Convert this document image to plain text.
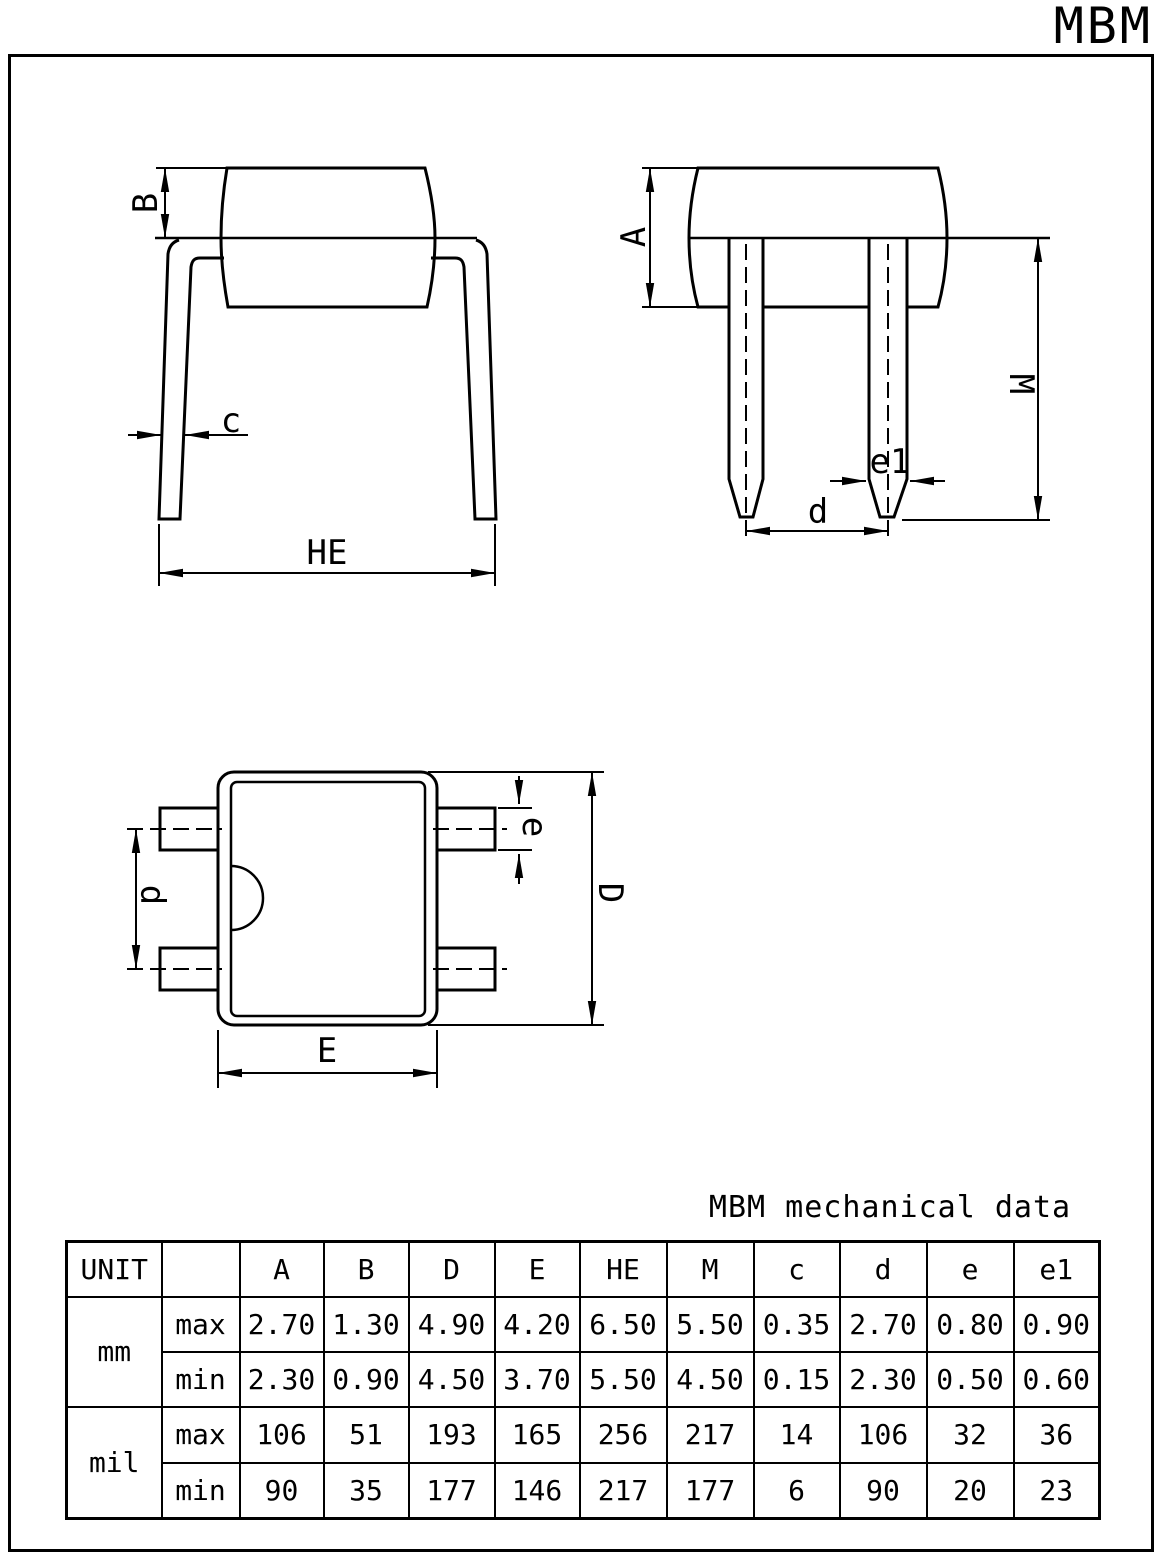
MBM
B
c
HE
A
e1
d
M
d
e
D
E
MBM mechanical data
UNIT		A	B	D	E	HE	M	c	d	e	e1
mm	max	2.70	1.30	4.90	4.20	6.50	5.50	0.35	2.70	0.80	0.90
	min	2.30	0.90	4.50	3.70	5.50	4.50	0.15	2.30	0.50	0.60
mil	max	106	51	193	165	256	217	14	106	32	36
	min	90	35	177	146	217	177	6	90	20	23
